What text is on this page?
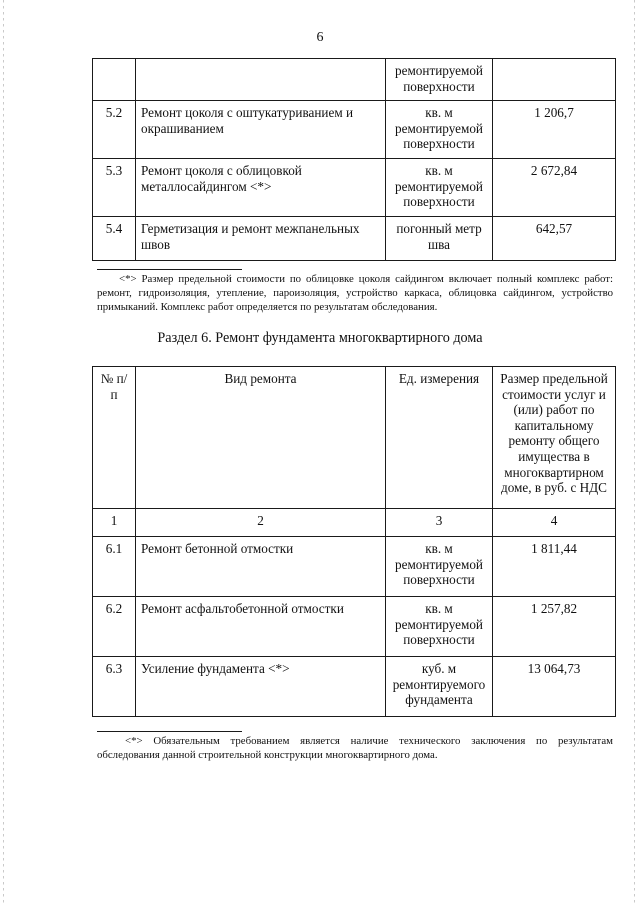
6
		ремонтируемой поверхности	
5.2	Ремонт цоколя с оштукатуриванием и окрашиванием	кв. м ремонтируемой поверхности	1 206,7
5.3	Ремонт цоколя с облицовкой металлосайдингом <*>	кв. м ремонтируемой поверхности	2 672,84
5.4	Герметизация и ремонт межпанельных швов	погонный метр шва	642,57
<*> Размер предельной стоимости по облицовке цоколя сайдингом включает полный комплекс работ: ремонт, гидроизоляция, утепление, пароизоляция, устройство каркаса, облицовка сайдингом, устройство примыканий. Комплекс работ определяется по результатам обследования.
Раздел 6. Ремонт фундамента многоквартирного дома
№ п/п	Вид ремонта	Ед. измерения	Размер предельной стоимости услуг и (или) работ по капитальному ремонту общего имущества в многоквартирном доме, в руб. с НДС
1	2	3	4
6.1	Ремонт бетонной отмостки	кв. м ремонтируемой поверхности	1 811,44
6.2	Ремонт асфальтобетонной отмостки	кв. м ремонтируемой поверхности	1 257,82
6.3	Усиление фундамента <*>	куб. м ремонтируемого фундамента	13 064,73
<*> Обязательным требованием является наличие технического заключения по результатам обследования данной строительной конструкции многоквартирного дома.
